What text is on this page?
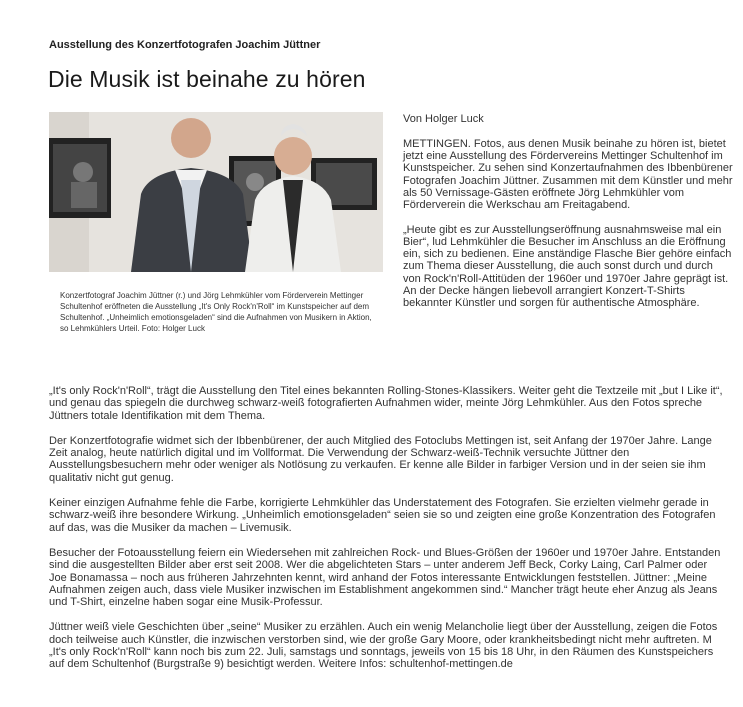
Ausstellung des Konzertfotografen Joachim Jüttner
Die Musik ist beinahe zu hören
Konzertfotograf Joachim Jüttner (r.) und Jörg Lehmkühler vom Förderverein Mettinger Schultenhof eröffneten die Ausstellung „It's Only Rock'n'Roll“ im Kunstspeicher auf dem Schultenhof. „Unheimlich emotionsgeladen“ sind die Aufnahmen von Musikern in Aktion, so Lehmkühlers Urteil. Foto: Holger Luck
Von Holger Luck

METTINGEN. Fotos, aus denen Musik beinahe zu hören ist, bietet jetzt eine Ausstellung des Fördervereins Mettinger Schultenhof im Kunstspeicher. Zu sehen sind Konzertaufnahmen des Ibbenbürener Fotografen Joachim Jüttner. Zusammen mit dem Künstler und mehr als 50 Vernissage-Gästen eröffnete Jörg Lehmkühler vom Förderverein die Werkschau am Freitagabend.

„Heute gibt es zur Ausstellungseröffnung ausnahmsweise mal ein Bier“, lud Lehmkühler die Besucher im Anschluss an die Eröffnung ein, sich zu bedienen. Eine anständige Flasche Bier gehöre einfach zum Thema dieser Ausstellung, die auch sonst durch und durch von Rock'n'Roll-Attitüden der 1960er und 1970er Jahre geprägt ist. An der Decke hängen liebevoll arrangiert Konzert-T-Shirts bekannter Künstler und sorgen für authentische Atmosphäre.

„It's only Rock'n'Roll“, trägt die Ausstellung den Titel eines bekannten Rolling-Stones-Klassikers. Weiter geht die Textzeile mit „but I Like it“, und genau das spiegeln die durchweg schwarz-weiß fotografierten Aufnahmen wider, meinte Jörg Lehmkühler. Aus den Fotos spreche Jüttners totale Identifikation mit dem Thema.

Der Konzertfotografie widmet sich der Ibbenbürener, der auch Mitglied des Fotoclubs Mettingen ist, seit Anfang der 1970er Jahre. Lange Zeit analog, heute natürlich digital und im Vollformat. Die Verwendung der Schwarz-weiß-Technik versuchte Jüttner den Ausstellungsbesuchern mehr oder weniger als Notlösung zu verkaufen. Er kenne alle Bilder in farbiger Version und in der seien sie ihm qualitativ nicht gut genug.

Keiner einzigen Aufnahme fehle die Farbe, korrigierte Lehmkühler das Understatement des Fotografen. Sie erzielten vielmehr gerade in schwarz-weiß ihre besondere Wirkung. „Unheimlich emotionsgeladen“ seien sie so und zeigten eine große Konzentration des Fotografen auf das, was die Musiker da machen – Livemusik.

Besucher der Fotoausstellung feiern ein Wiedersehen mit zahlreichen Rock- und Blues-Größen der 1960er und 1970er Jahre. Entstanden sind die ausgestellten Bilder aber erst seit 2008. Wer die abgelichteten Stars – unter anderem Jeff Beck, Corky Laing, Carl Palmer oder Joe Bonamassa – noch aus früheren Jahrzehnten kennt, wird anhand der Fotos interessante Entwicklungen feststellen. Jüttner: „Meine Aufnahmen zeigen auch, dass viele Musiker inzwischen im Establishment angekommen sind.“ Mancher trägt heute eher Anzug als Jeans und T-Shirt, einzelne haben sogar eine Musik-Professur.

Jüttner weiß viele Geschichten über „seine“ Musiker zu erzählen. Auch ein wenig Melancholie liegt über der Ausstellung, zeigen die Fotos doch teilweise auch Künstler, die inzwischen verstorben sind, wie der große Gary Moore, oder krankheitsbedingt nicht mehr auftreten. M „It's only Rock'n'Roll“ kann noch bis zum 22. Juli, samstags und sonntags, jeweils von 15 bis 18 Uhr, in den Räumen des Kunstspeichers auf dem Schultenhof (Burgstraße 9) besichtigt werden. Weitere Infos: schultenhof-mettingen.de
